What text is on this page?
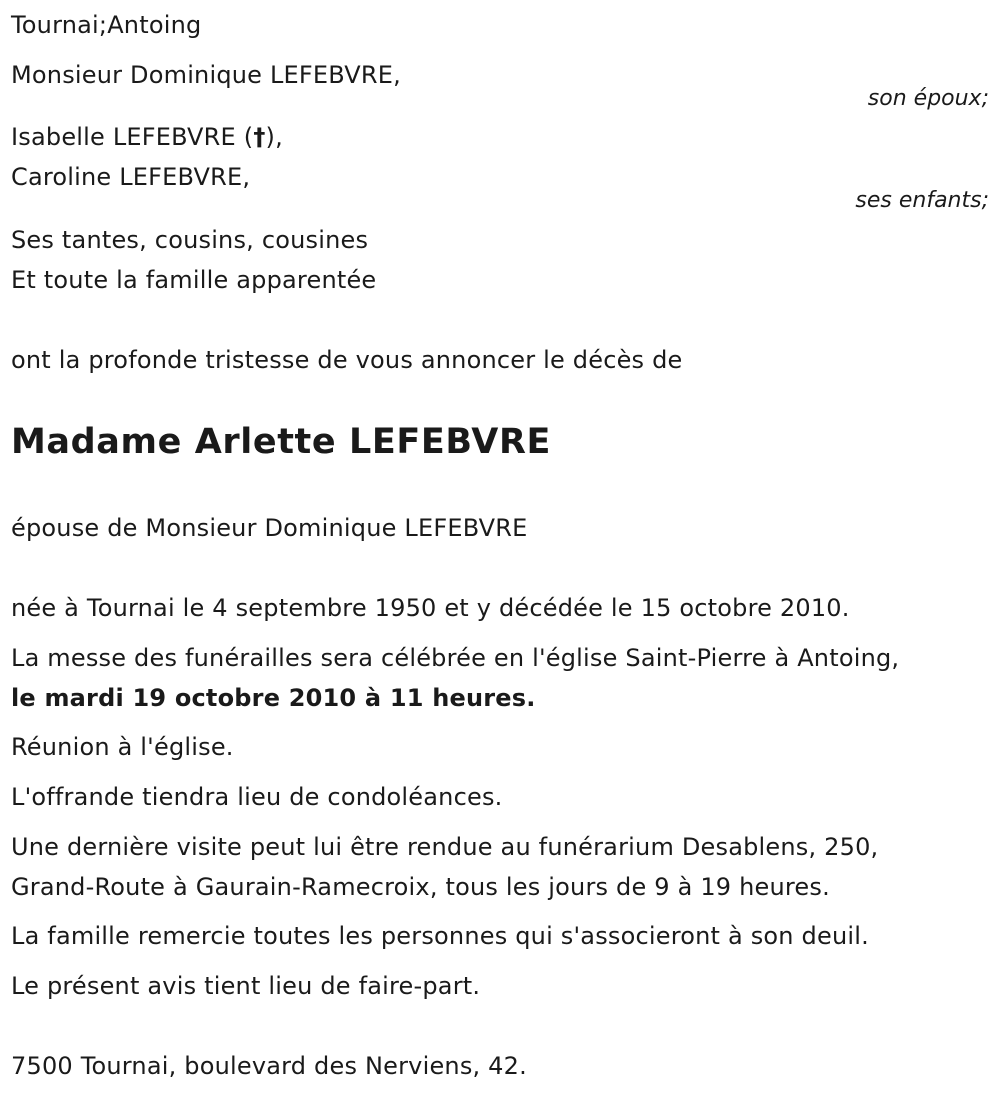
Tournai;Antoing
Monsieur Dominique LEFEBVRE,
son époux;
Isabelle LEFEBVRE (†),
Caroline LEFEBVRE,
ses enfants;
Ses tantes, cousins, cousines
Et toute la famille apparentée
ont la profonde tristesse de vous annoncer le décès de
Madame Arlette LEFEBVRE
épouse de Monsieur Dominique LEFEBVRE
née à Tournai le 4 septembre 1950 et y décédée le 15 octobre 2010.
La messe des funérailles sera célébrée en l'église Saint-Pierre à Antoing,
le mardi 19 octobre 2010 à 11 heures.
Réunion à l'église.
L'offrande tiendra lieu de condoléances.
Une dernière visite peut lui être rendue au funérarium Desablens, 250,
Grand-Route à Gaurain-Ramecroix, tous les jours de 9 à 19 heures.
La famille remercie toutes les personnes qui s'associeront à son deuil.
Le présent avis tient lieu de faire-part.
7500 Tournai, boulevard des Nerviens, 42.
